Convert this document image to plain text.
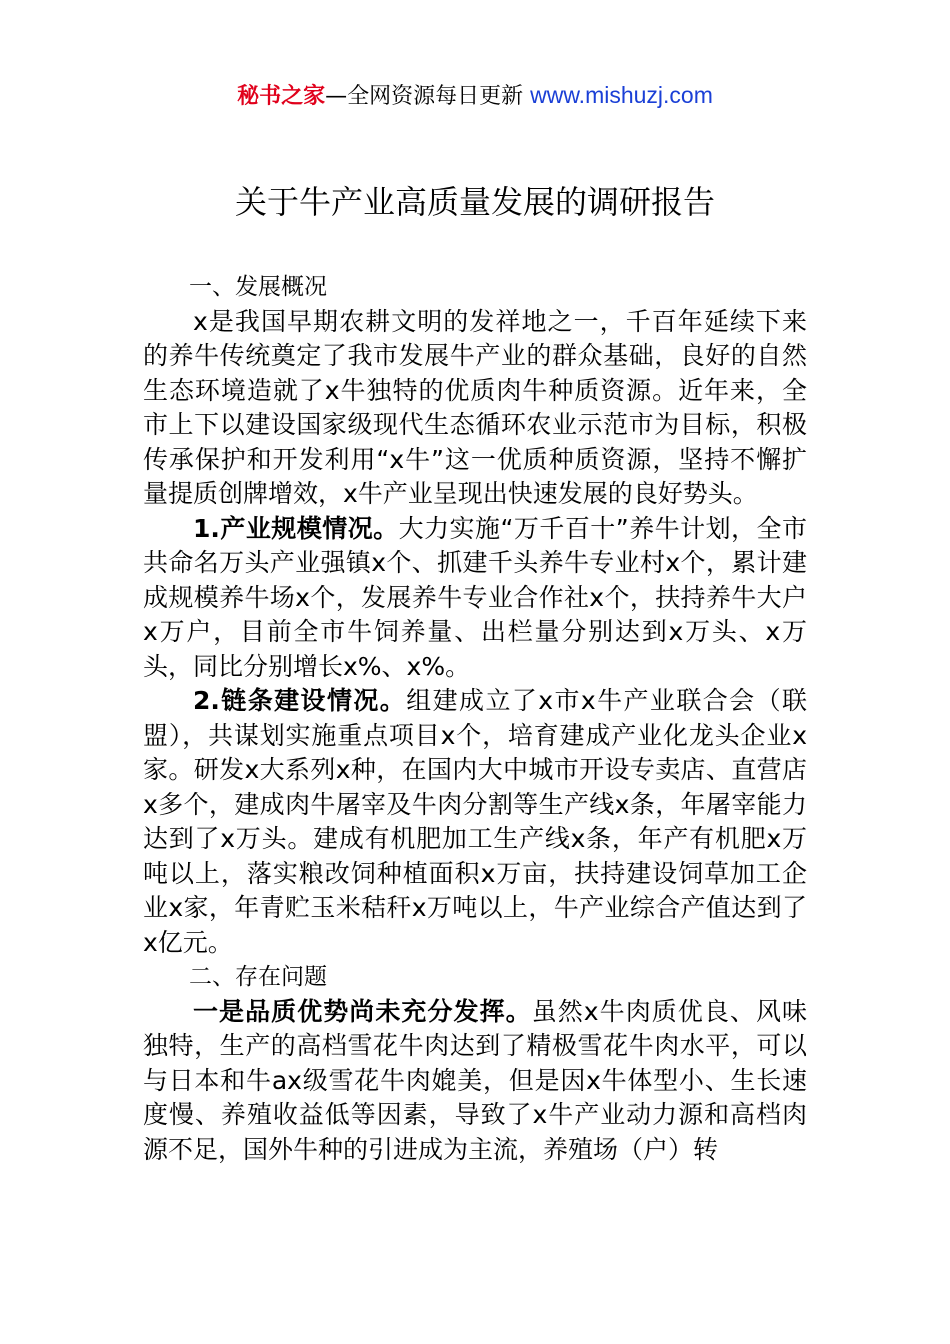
秘书之家—全网资源每日更新 www.mishuzj.com
关于牛产业高质量发展的调研报告

一、发展概况

x是我国早期农耕文明的发祥地之一，千百年延续下来的养牛传统奠定了我市发展牛产业的群众基础，良好的自然生态环境造就了x牛独特的优质肉牛种质资源。近年来，全市上下以建设国家级现代生态循环农业示范市为目标，积极传承保护和开发利用“x牛”这一优质种质资源，坚持不懈扩量提质创牌增效，x牛产业呈现出快速发展的良好势头。

1.产业规模情况。大力实施“万千百十”养牛计划，全市共命名万头产业强镇x个、抓建千头养牛专业村x个，累计建成规模养牛场x个，发展养牛专业合作社x个，扶持养牛大户x万户，目前全市牛饲养量、出栏量分别达到x万头、x万头，同比分别增长x%、x%。

2.链条建设情况。组建成立了x市x牛产业联合会（联盟），共谋划实施重点项目x个，培育建成产业化龙头企业x家。研发x大系列x种，在国内大中城市开设专卖店、直营店x多个，建成肉牛屠宰及牛肉分割等生产线x条，年屠宰能力达到了x万头。建成有机肥加工生产线x条，年产有机肥x万吨以上，落实粮改饲种植面积x万亩，扶持建设饲草加工企业x家，年青贮玉米秸秆x万吨以上，牛产业综合产值达到了x亿元。

二、存在问题

一是品质优势尚未充分发挥。虽然x牛肉质优良、风味独特，生产的高档雪花牛肉达到了精极雪花牛肉水平，可以与日本和牛ax级雪花牛肉媲美，但是因x牛体型小、生长速度慢、养殖收益低等因素，导致了x牛产业动力源和高档肉源不足，国外牛种的引进成为主流，养殖场（户）转
